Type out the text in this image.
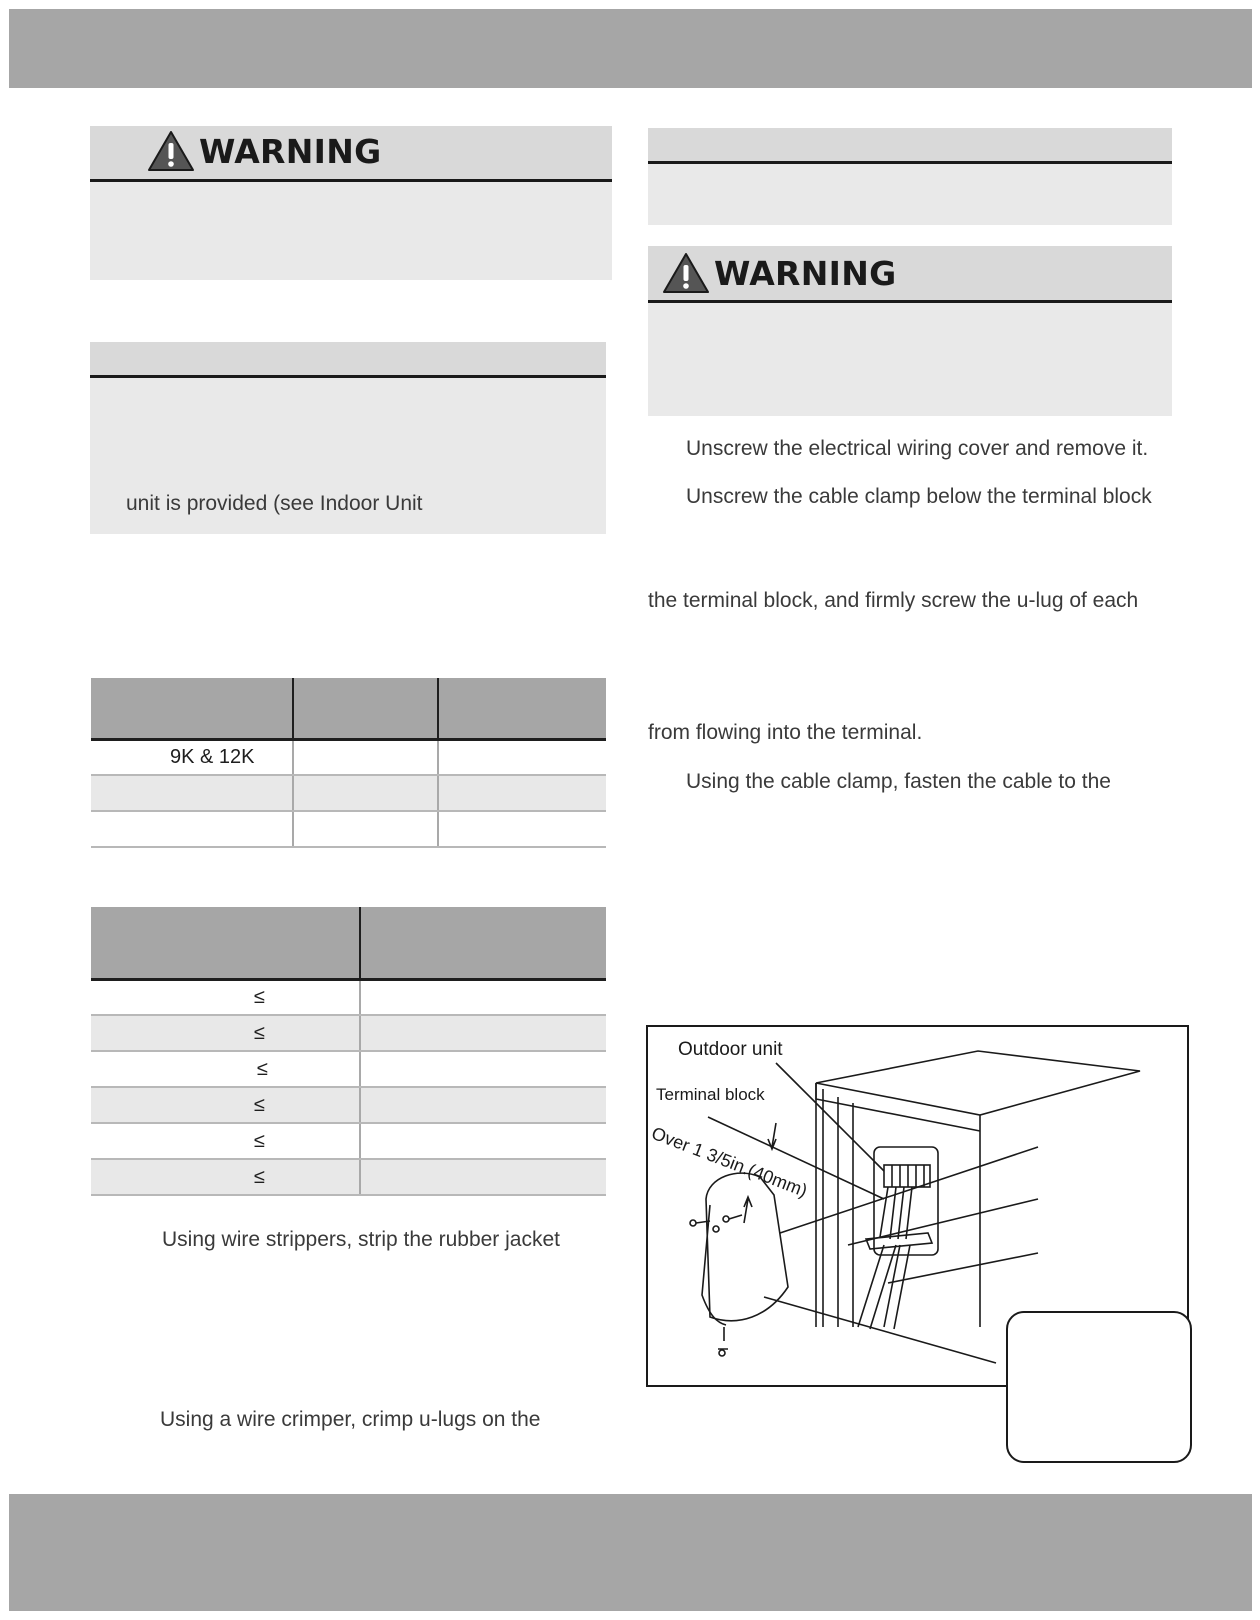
WARNING
unit is provided (see Indoor Unit

9K & 12K		

≤	
≤	
≤	
≤	
≤	
≤	
Using wire strippers, strip the rubber jacket
Using a wire crimper, crimp u-lugs on the
WARNING
Unscrew the electrical wiring cover and remove it.
Unscrew the cable clamp below the terminal block
the terminal block, and firmly screw the u-lug of each
from flowing into the terminal.
Using the cable clamp, fasten the cable to the
Outdoor unit
Terminal block
Over 1 3/5in.(40mm)
